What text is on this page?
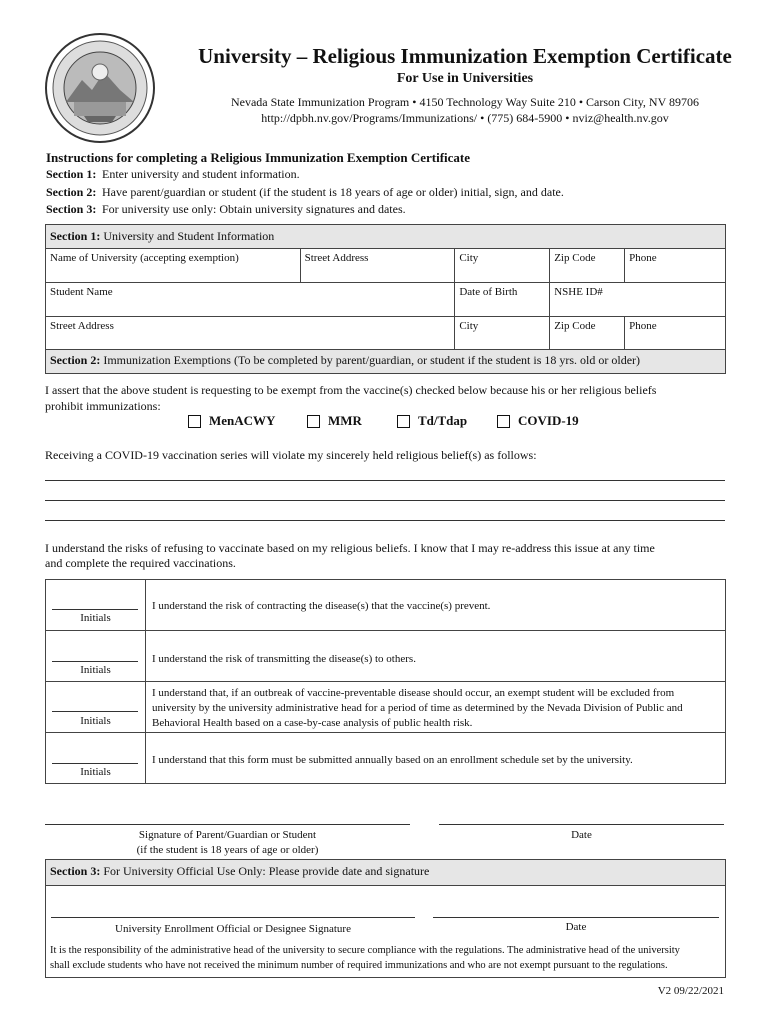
University – Religious Immunization Exemption Certificate
For Use in Universities
Nevada State Immunization Program • 4150 Technology Way Suite 210 • Carson City, NV 89706
http://dpbh.nv.gov/Programs/Immunizations/ • (775) 684-5900 • nviz@health.nv.gov
Instructions for completing a Religious Immunization Exemption Certificate
Section 1: Enter university and student information.
Section 2: Have parent/guardian or student (if the student is 18 years of age or older) initial, sign, and date.
Section 3: For university use only: Obtain university signatures and dates.
Section 1: University and Student Information				
Name of University (accepting exemption)	Street Address	City	Zip Code	Phone
Student Name		Date of Birth	NSHE ID#	
Street Address		City	Zip Code	Phone
Section 2: Immunization Exemptions (To be completed by parent/guardian, or student if the student is 18 yrs. old or older)
I assert that the above student is requesting to be exempt from the vaccine(s) checked below because his or her religious beliefs
prohibit immunizations:
MenACWY	MMR	Td/Tdap	COVID-19
Receiving a COVID-19 vaccination series will violate my sincerely held religious belief(s) as follows:
I understand the risks of refusing to vaccinate based on my religious beliefs. I know that I may re-address this issue at any time
and complete the required vaccinations.
Initials
I understand the risk of contracting the disease(s) that the vaccine(s) prevent.
Initials
I understand the risk of transmitting the disease(s) to others.
Initials
I understand that, if an outbreak of vaccine-preventable disease should occur, an exempt student will be excluded from
university by the university administrative head for a period of time as determined by the Nevada Division of Public and
Behavioral Health based on a case-by-case analysis of public health risk.
Initials
I understand that this form must be submitted annually based on an enrollment schedule set by the university.
Signature of Parent/Guardian or Student
(if the student is 18 years of age or older)
Date
Section 3: For University Official Use Only: Please provide date and signature
University Enrollment Official or Designee Signature	Date
It is the responsibility of the administrative head of the university to secure compliance with the regulations. The administrative head of the university
shall exclude students who have not received the minimum number of required immunizations and who are not exempt pursuant to the regulations.
V2 09/22/2021
